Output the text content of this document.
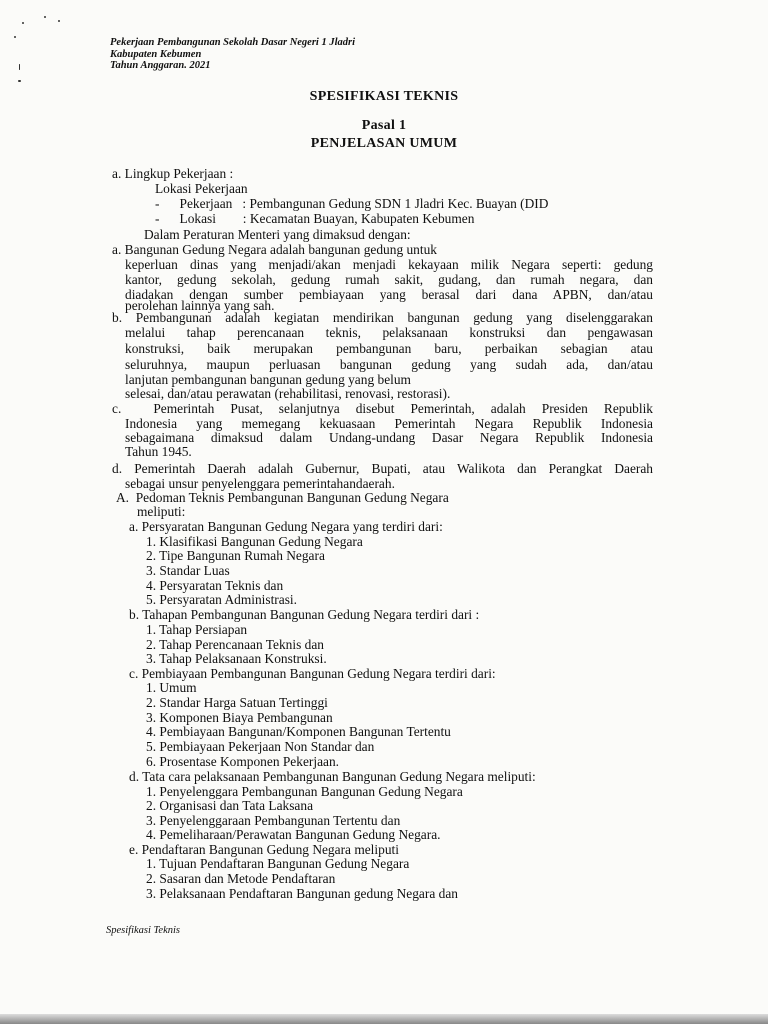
Pekerjaan Pembangunan Sekolah Dasar Negeri 1 Jladri
Kabupaten Kebumen
Tahun Anggaran. 2021
SPESIFIKASI TEKNIS
Pasal 1
PENJELASAN UMUM
a. Lingkup Pekerjaan :
Lokasi Pekerjaan
-      Pekerjaan   : Pembangunan Gedung SDN 1 Jladri Kec. Buayan (DID
-      Lokasi        : Kecamatan Buayan, Kabupaten Kebumen
Dalam Peraturan Menteri yang dimaksud dengan:
a. Bangunan Gedung Negara adalah bangunan gedung untuk
keperluan dinas yang menjadi/akan menjadi kekayaan milik Negara seperti: gedung
kantor, gedung sekolah, gedung rumah sakit, gudang, dan rumah negara, dan
diadakan dengan sumber pembiayaan yang berasal dari dana APBN, dan/atau
perolehan lainnya yang sah.
b. Pembangunan adalah kegiatan mendirikan bangunan gedung yang diselenggarakan
melalui tahap perencanaan teknis, pelaksanaan konstruksi dan pengawasan
konstruksi, baik merupakan pembangunan baru, perbaikan sebagian atau
seluruhnya, maupun perluasan bangunan gedung yang sudah ada, dan/atau
lanjutan pembangunan bangunan gedung yang belum
selesai, dan/atau perawatan (rehabilitasi, renovasi, restorasi).
c.  Pemerintah Pusat, selanjutnya disebut Pemerintah, adalah Presiden Republik
Indonesia yang memegang kekuasaan Pemerintah Negara Republik Indonesia
sebagaimana dimaksud dalam Undang-undang Dasar Negara Republik Indonesia
Tahun 1945.
d. Pemerintah Daerah adalah Gubernur, Bupati, atau Walikota dan Perangkat Daerah
sebagai unsur penyelenggara pemerintahandaerah.
A.  Pedoman Teknis Pembangunan Bangunan Gedung Negara
meliputi:
a. Persyaratan Bangunan Gedung Negara yang terdiri dari:
1. Klasifikasi Bangunan Gedung Negara
2. Tipe Bangunan Rumah Negara
3. Standar Luas
4. Persyaratan Teknis dan
5. Persyaratan Administrasi.
b. Tahapan Pembangunan Bangunan Gedung Negara terdiri dari :
1. Tahap Persiapan
2. Tahap Perencanaan Teknis dan
3. Tahap Pelaksanaan Konstruksi.
c. Pembiayaan Pembangunan Bangunan Gedung Negara terdiri dari:
1. Umum
2. Standar Harga Satuan Tertinggi
3. Komponen Biaya Pembangunan
4. Pembiayaan Bangunan/Komponen Bangunan Tertentu
5. Pembiayaan Pekerjaan Non Standar dan
6. Prosentase Komponen Pekerjaan.
d. Tata cara pelaksanaan Pembangunan Bangunan Gedung Negara meliputi:
1. Penyelenggara Pembangunan Bangunan Gedung Negara
2. Organisasi dan Tata Laksana
3. Penyelenggaraan Pembangunan Tertentu dan
4. Pemeliharaan/Perawatan Bangunan Gedung Negara.
e. Pendaftaran Bangunan Gedung Negara meliputi
1. Tujuan Pendaftaran Bangunan Gedung Negara
2. Sasaran dan Metode Pendaftaran
3. Pelaksanaan Pendaftaran Bangunan gedung Negara dan
Spesifikasi Teknis
